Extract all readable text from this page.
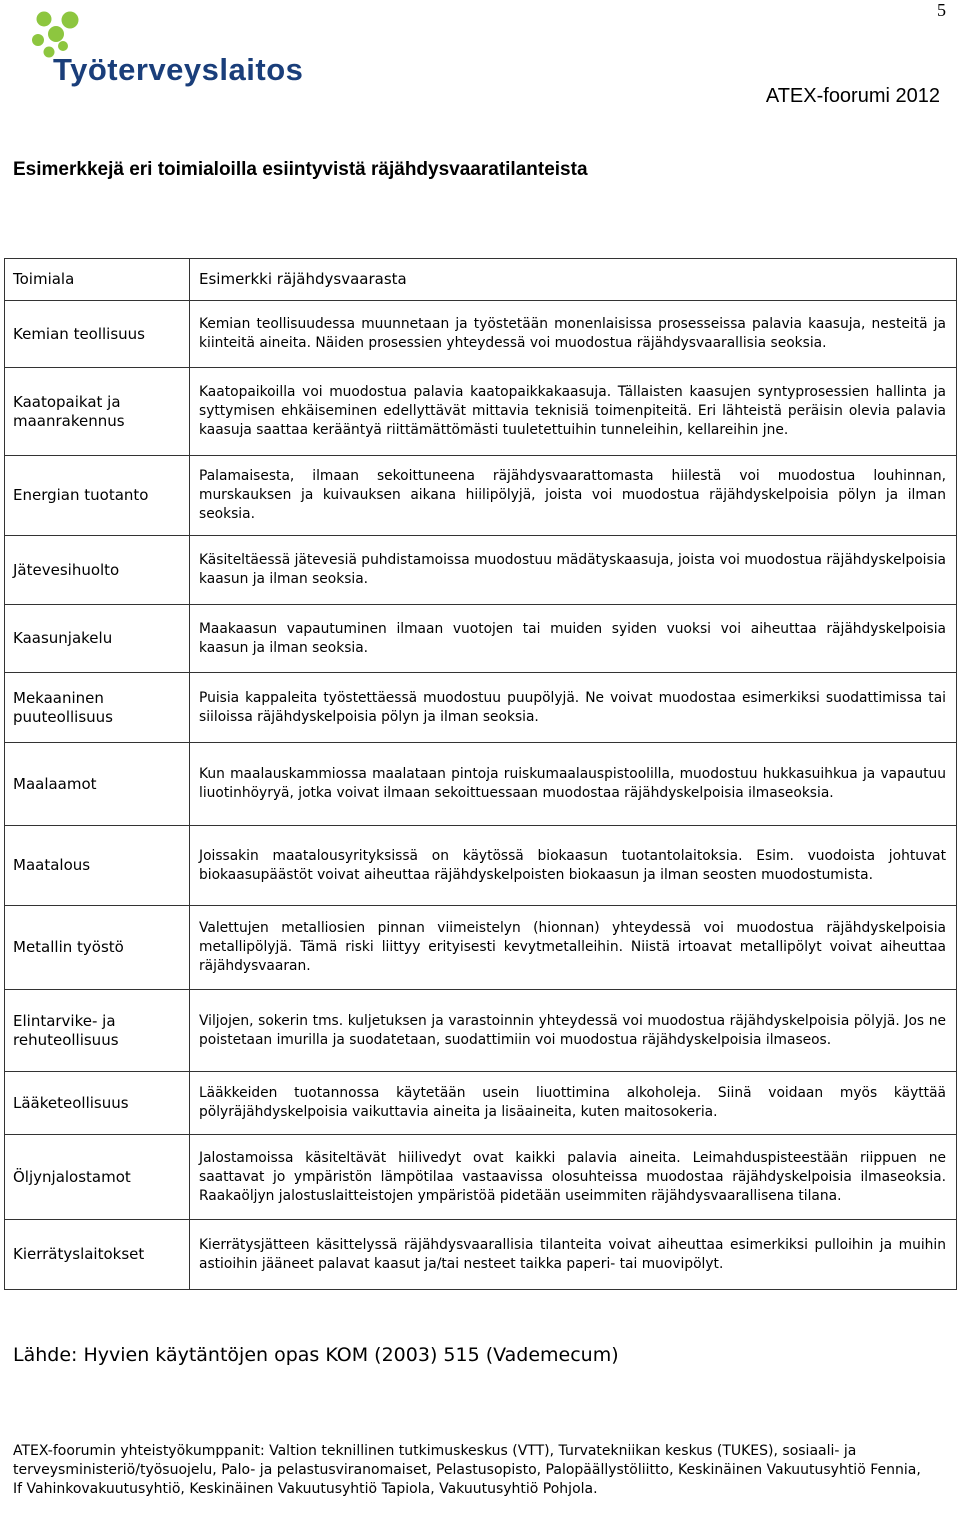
5
Työterveyslaitos
ATEX-foorumi 2012
Esimerkkejä eri toimialoilla esiintyvistä räjähdysvaaratilanteista
Toimiala	Esimerkki räjähdysvaarasta
Kemian teollisuus	Kemian teollisuudessa muunnetaan ja työstetään monenlaisissa prosesseissa palavia kaasuja, nesteitä ja kiinteitä aineita. Näiden prosessien yhteydessä voi muodostua räjähdysvaarallisia seoksia.
Kaatopaikat ja maanrakennus	Kaatopaikoilla voi muodostua palavia kaatopaikkakaasuja. Tällaisten kaasujen syntyprosessien hallinta ja syttymisen ehkäiseminen edellyttävät mittavia teknisiä toimenpiteitä. Eri lähteistä peräisin olevia palavia kaasuja saattaa kerääntyä riittämättömästi tuuletettuihin tunneleihin, kellareihin jne.
Energian tuotanto	Palamaisesta, ilmaan sekoittuneena räjähdysvaarattomasta hiilestä voi muodostua louhinnan, murskauksen ja kuivauksen aikana hiilipölyjä, joista voi muodostua räjähdyskelpoisia pölyn ja ilman seoksia.
Jätevesihuolto	Käsiteltäessä jätevesiä puhdistamoissa muodostuu mädätyskaasuja, joista voi muodostua räjähdyskelpoisia kaasun ja ilman seoksia.
Kaasunjakelu	Maakaasun vapautuminen ilmaan vuotojen tai muiden syiden vuoksi voi aiheuttaa räjähdyskelpoisia kaasun ja ilman seoksia.
Mekaaninen puuteollisuus	Puisia kappaleita työstettäessä muodostuu puupölyjä. Ne voivat muodostaa esimerkiksi suodattimissa tai siiloissa räjähdyskelpoisia pölyn ja ilman seoksia.
Maalaamot	Kun maalauskammiossa maalataan pintoja ruiskumaalauspistoolilla, muodostuu hukkasuihkua ja vapautuu liuotinhöyryä, jotka voivat ilmaan sekoittuessaan muodostaa räjähdyskelpoisia ilmaseoksia.
Maatalous	Joissakin maatalousyrityksissä on käytössä biokaasun tuotantolaitoksia. Esim. vuodoista johtuvat biokaasupäästöt voivat aiheuttaa räjähdyskelpoisten biokaasun ja ilman seosten muodostumista.
Metallin työstö	Valettujen metalliosien pinnan viimeistelyn (hionnan) yhteydessä voi muodostua räjähdyskelpoisia metallipölyjä. Tämä riski liittyy erityisesti kevytmetalleihin. Niistä irtoavat metallipölyt voivat aiheuttaa räjähdysvaaran.
Elintarvike- ja rehuteollisuus	Viljojen, sokerin tms. kuljetuksen ja varastoinnin yhteydessä voi muodostua räjähdyskelpoisia pölyjä. Jos ne poistetaan imurilla ja suodatetaan, suodattimiin voi muodostua räjähdyskelpoisia ilmaseos.
Lääketeollisuus	Lääkkeiden tuotannossa käytetään usein liuottimina alkoholeja. Siinä voidaan myös käyttää pölyräjähdyskelpoisia vaikuttavia aineita ja lisäaineita, kuten maitosokeria.
Öljynjalostamot	Jalostamoissa käsiteltävät hiilivedyt ovat kaikki palavia aineita. Leimahduspisteestään riippuen ne saattavat jo ympäristön lämpötilaa vastaavissa olosuhteissa muodostaa räjähdyskelpoisia ilmaseoksia. Raakaöljyn jalostuslaitteistojen ympäristöä pidetään useimmiten räjähdysvaarallisena tilana.
Kierrätyslaitokset	Kierrätysjätteen käsittelyssä räjähdysvaarallisia tilanteita voivat aiheuttaa esimerkiksi pulloihin ja muihin astioihin jääneet palavat kaasut ja/tai nesteet taikka paperi- tai muovipölyt.
Lähde: Hyvien käytäntöjen opas KOM (2003) 515 (Vademecum)
ATEX-foorumin yhteistyökumppanit: Valtion teknillinen tutkimuskeskus (VTT), Turvatekniikan keskus (TUKES), sosiaali- ja terveysministeriö/työsuojelu, Palo- ja pelastusviranomaiset, Pelastusopisto, Palopäällystöliitto, Keskinäinen Vakuutusyhtiö Fennia, If Vahinkovakuutusyhtiö, Keskinäinen Vakuutusyhtiö Tapiola, Vakuutusyhtiö Pohjola.
